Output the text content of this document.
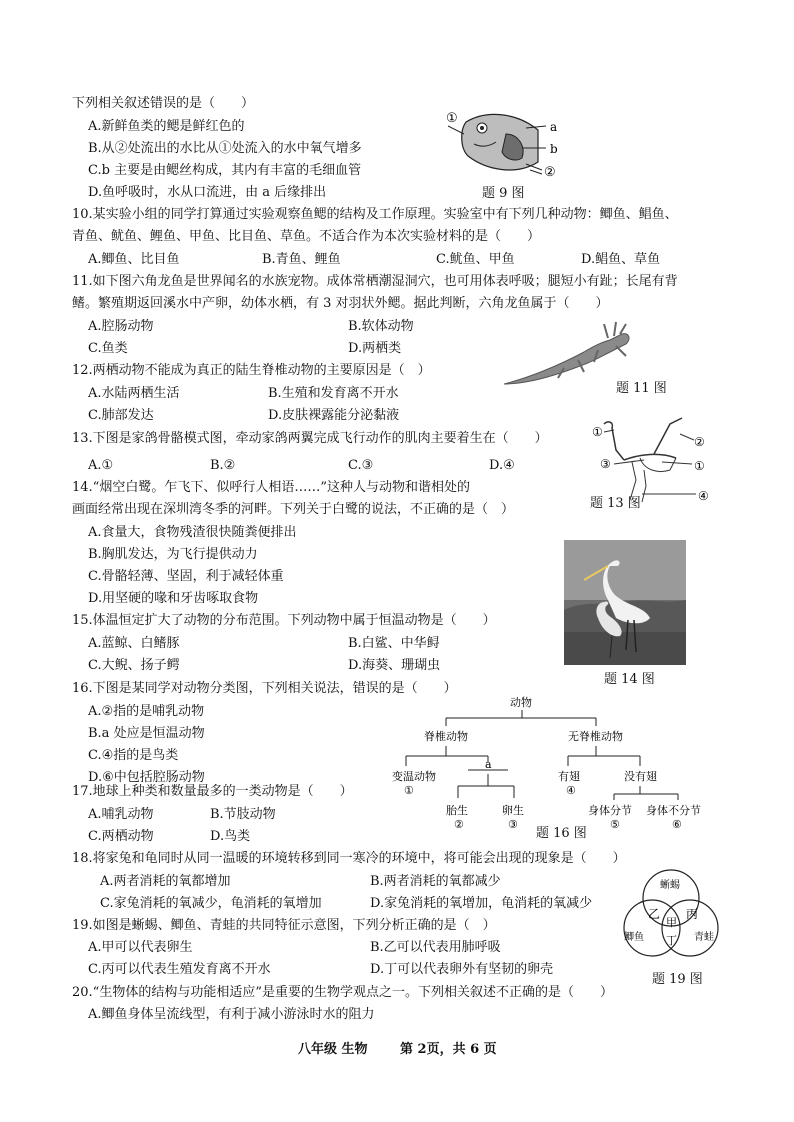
下列相关叙述错误的是（　　）
A.新鲜鱼类的鳃是鲜红色的
B.从②处流出的水比从①处流入的水中氧气增多
C.b 主要是由鳃丝构成，其内有丰富的毛细血管
D.鱼呼吸时，水从口流进，由 a 后缘排出
①
a
b
②
题 9 图
10.某实验小组的同学打算通过实验观察鱼鳃的结构及工作原理。实验室中有下列几种动物：鲫鱼、鲳鱼、
青鱼、鱿鱼、鲤鱼、甲鱼、比目鱼、草鱼。不适合作为本次实验材料的是（　　）
A.鲫鱼、比目鱼	B.青鱼、鲤鱼	C.鱿鱼、甲鱼	D.鲳鱼、草鱼
11.如下图六角龙鱼是世界闻名的水族宠物。成体常栖潮湿洞穴，也可用体表呼吸；腿短小有趾；长尾有背
鳍。繁殖期返回溪水中产卵，幼体水栖，有 3 对羽状外鳃。据此判断，六角龙鱼属于（　　）
A.腔肠动物	B.软体动物
C.鱼类	D.两栖类
题 11 图
12.两栖动物不能成为真正的陆生脊椎动物的主要原因是（　）
A.水陆两栖生活	B.生殖和发育离不开水
C.肺部发达	D.皮肤裸露能分泌黏液
13.下图是家鸽骨骼模式图，牵动家鸽两翼完成飞行动作的肌肉主要着生在（　　）
A.①	B.②	C.③	D.④
①
②
①
③
④
题 13 图
14.“烟空白鹭。乍飞下、似呼行人相语……”这种人与动物和谐相处的
画面经常出现在深圳湾冬季的河畔。下列关于白鹭的说法，不正确的是（　）
A.食量大，食物残渣很快随粪便排出
B.胸肌发达，为飞行提供动力
C.骨骼轻薄、坚固，利于减轻体重
D.用坚硬的喙和牙齿啄取食物
题 14 图
15.体温恒定扩大了动物的分布范围。下列动物中属于恒温动物是（　　）
A.蓝鲸、白鳍豚	B.白鲨、中华鲟
C.大鲵、扬子鳄	D.海葵、珊瑚虫
16.下图是某同学对动物分类图，下列相关说法，错误的是（　　）
A.②指的是哺乳动物
B.a 处应是恒温动物
C.④指的是鸟类
D.⑥中包括腔肠动物
动物
脊椎动物	无脊椎动物
变温动物
①
a
有翅
④
没有翅
胎生
②
卵生
③
身体分节
⑤
身体不分节
⑥
题 16 图
17.地球上种类和数量最多的一类动物是（　　）
A.哺乳动物	B.节肢动物
C.两栖动物	D.鸟类
18.将家兔和龟同时从同一温暖的环境转移到同一寒冷的环境中，将可能会出现的现象是（　　）
A.两者消耗的氧都增加	B.两者消耗的氧都减少
C.家兔消耗的氧减少，龟消耗的氧增加	D.家兔消耗的氧增加，龟消耗的氧减少
19.如图是蜥蜴、鲫鱼、青蛙的共同特征示意图，下列分析正确的是（　）
A.甲可以代表卵生	B.乙可以代表用肺呼吸
C.丙可以代表生殖发育离不开水	D.丁可以代表卵外有坚韧的卵壳
蜥蜴
鲫鱼	青蛙
乙
甲
丙
丁
题 19 图
20.“生物体的结构与功能相适应”是重要的生物学观点之一。下列相关叙述不正确的是（　　）
A.鲫鱼身体呈流线型，有利于减小游泳时水的阻力
八年级 生物 第 2页，共 6 页
